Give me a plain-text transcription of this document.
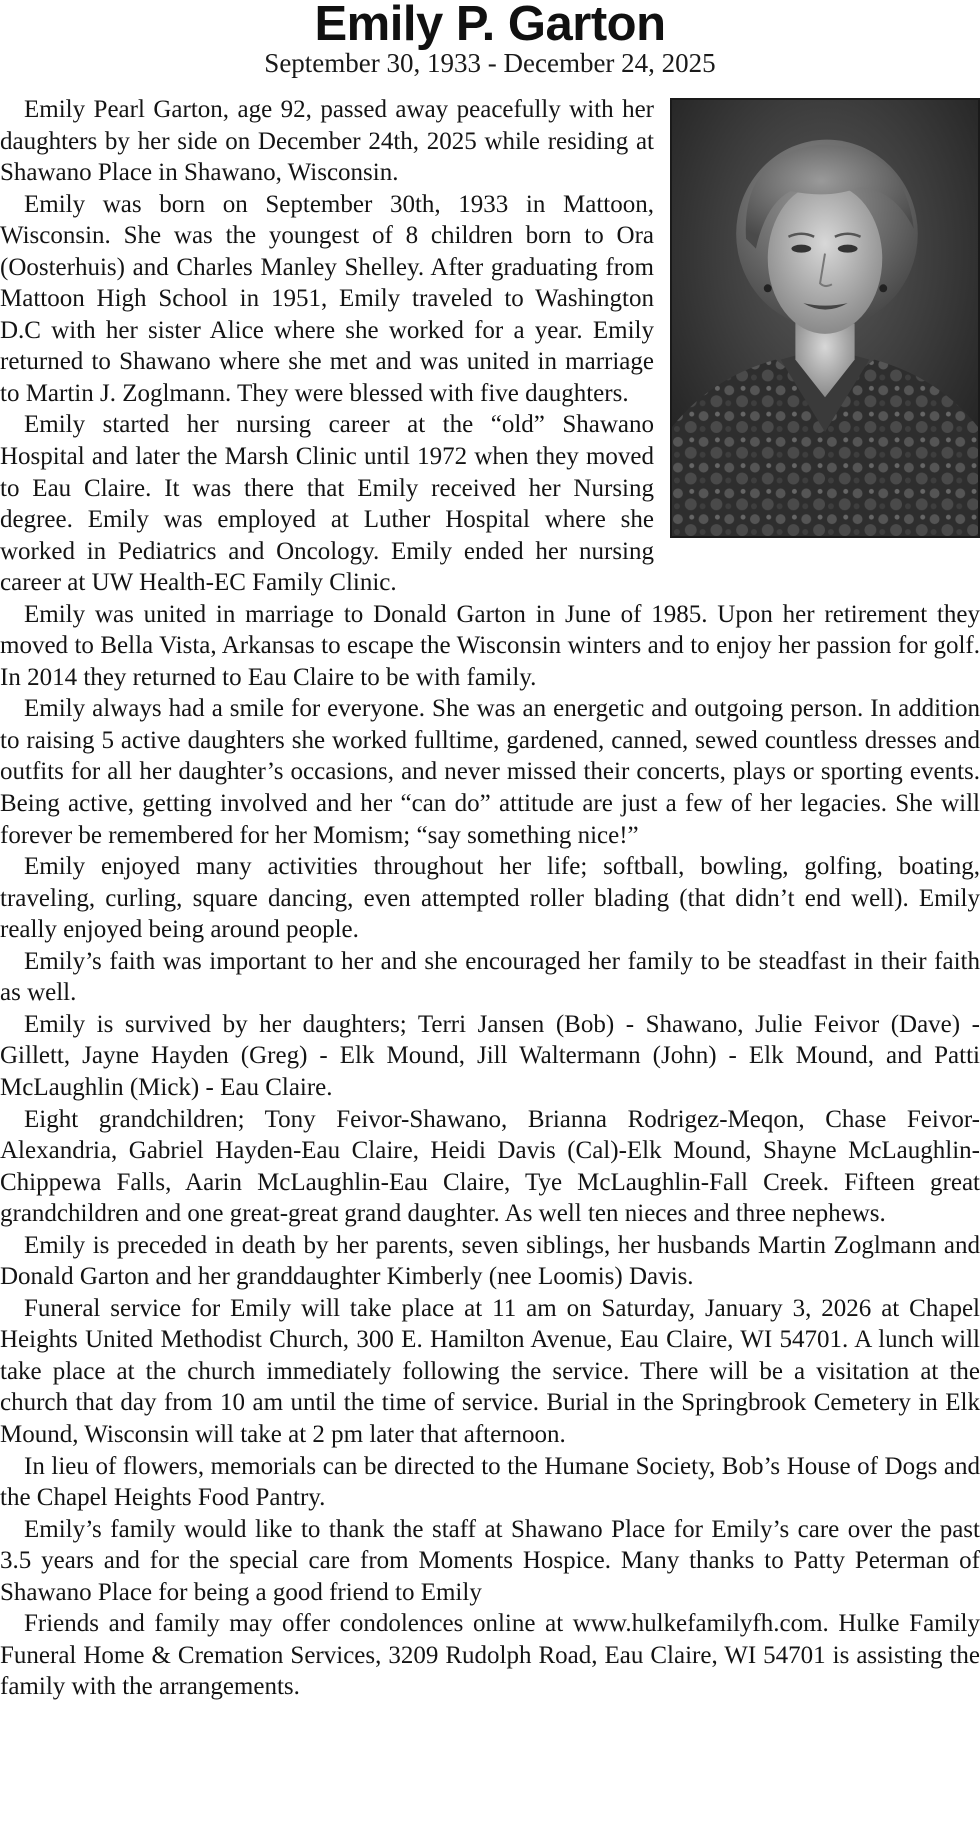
Emily P. Garton

September 30, 1933 - December 24, 2025

Emily Pearl Garton, age 92, passed away peacefully with her daughters by her side on December 24th, 2025 while residing at Shawano Place in Shawano, Wisconsin.

Emily was born on September 30th, 1933 in Mattoon, Wisconsin. She was the youngest of 8 children born to Ora (Oosterhuis) and Charles Manley Shelley. After graduating from Mattoon High School in 1951, Emily traveled to Washington D.C with her sister Alice where she worked for a year. Emily returned to Shawano where she met and was united in marriage to Martin J. Zoglmann. They were blessed with five daughters.

Emily started her nursing career at the “old” Shawano Hospital and later the Marsh Clinic until 1972 when they moved to Eau Claire. It was there that Emily received her Nursing degree. Emily was employed at Luther Hospital where she worked in Pediatrics and Oncology. Emily ended her nursing career at UW Health-EC Family Clinic.

Emily was united in marriage to Donald Garton in June of 1985. Upon her retirement they moved to Bella Vista, Arkansas to escape the Wisconsin winters and to enjoy her passion for golf. In 2014 they returned to Eau Claire to be with family.

Emily always had a smile for everyone. She was an energetic and outgoing person. In addition to raising 5 active daughters she worked fulltime, gardened, canned, sewed countless dresses and outfits for all her daughter’s occasions, and never missed their concerts, plays or sporting events. Being active, getting involved and her “can do” attitude are just a few of her legacies. She will forever be remembered for her Momism; “say something nice!”

Emily enjoyed many activities throughout her life; softball, bowling, golfing, boating, traveling, curling, square dancing, even attempted roller blading (that didn’t end well). Emily really enjoyed being around people.

Emily’s faith was important to her and she encouraged her family to be steadfast in their faith as well.

Emily is survived by her daughters; Terri Jansen (Bob) - Shawano, Julie Feivor (Dave) - Gillett, Jayne Hayden (Greg) - Elk Mound, Jill Waltermann (John) - Elk Mound, and Patti McLaughlin (Mick) - Eau Claire.

Eight grandchildren; Tony Feivor-Shawano, Brianna Rodrigez-Meqon, Chase Feivor-Alexandria, Gabriel Hayden-Eau Claire, Heidi Davis (Cal)-Elk Mound, Shayne McLaughlin-Chippewa Falls, Aarin McLaughlin-Eau Claire, Tye McLaughlin-Fall Creek. Fifteen great grandchildren and one great-great grand daughter. As well ten nieces and three nephews.

Emily is preceded in death by her parents, seven siblings, her husbands Martin Zoglmann and Donald Garton and her granddaughter Kimberly (nee Loomis) Davis.

Funeral service for Emily will take place at 11 am on Saturday, January 3, 2026 at Chapel Heights United Methodist Church, 300 E. Hamilton Avenue, Eau Claire, WI 54701. A lunch will take place at the church immediately following the service. There will be a visitation at the church that day from 10 am until the time of service. Burial in the Springbrook Cemetery in Elk Mound, Wisconsin will take at 2 pm later that afternoon.

In lieu of flowers, memorials can be directed to the Humane Society, Bob’s House of Dogs and the Chapel Heights Food Pantry.

Emily’s family would like to thank the staff at Shawano Place for Emily’s care over the past 3.5 years and for the special care from Moments Hospice. Many thanks to Patty Peterman of Shawano Place for being a good friend to Emily

Friends and family may offer condolences online at www.hulkefamilyfh.com. Hulke Family Funeral Home & Cremation Services, 3209 Rudolph Road, Eau Claire, WI 54701 is assisting the family with the arrangements.
